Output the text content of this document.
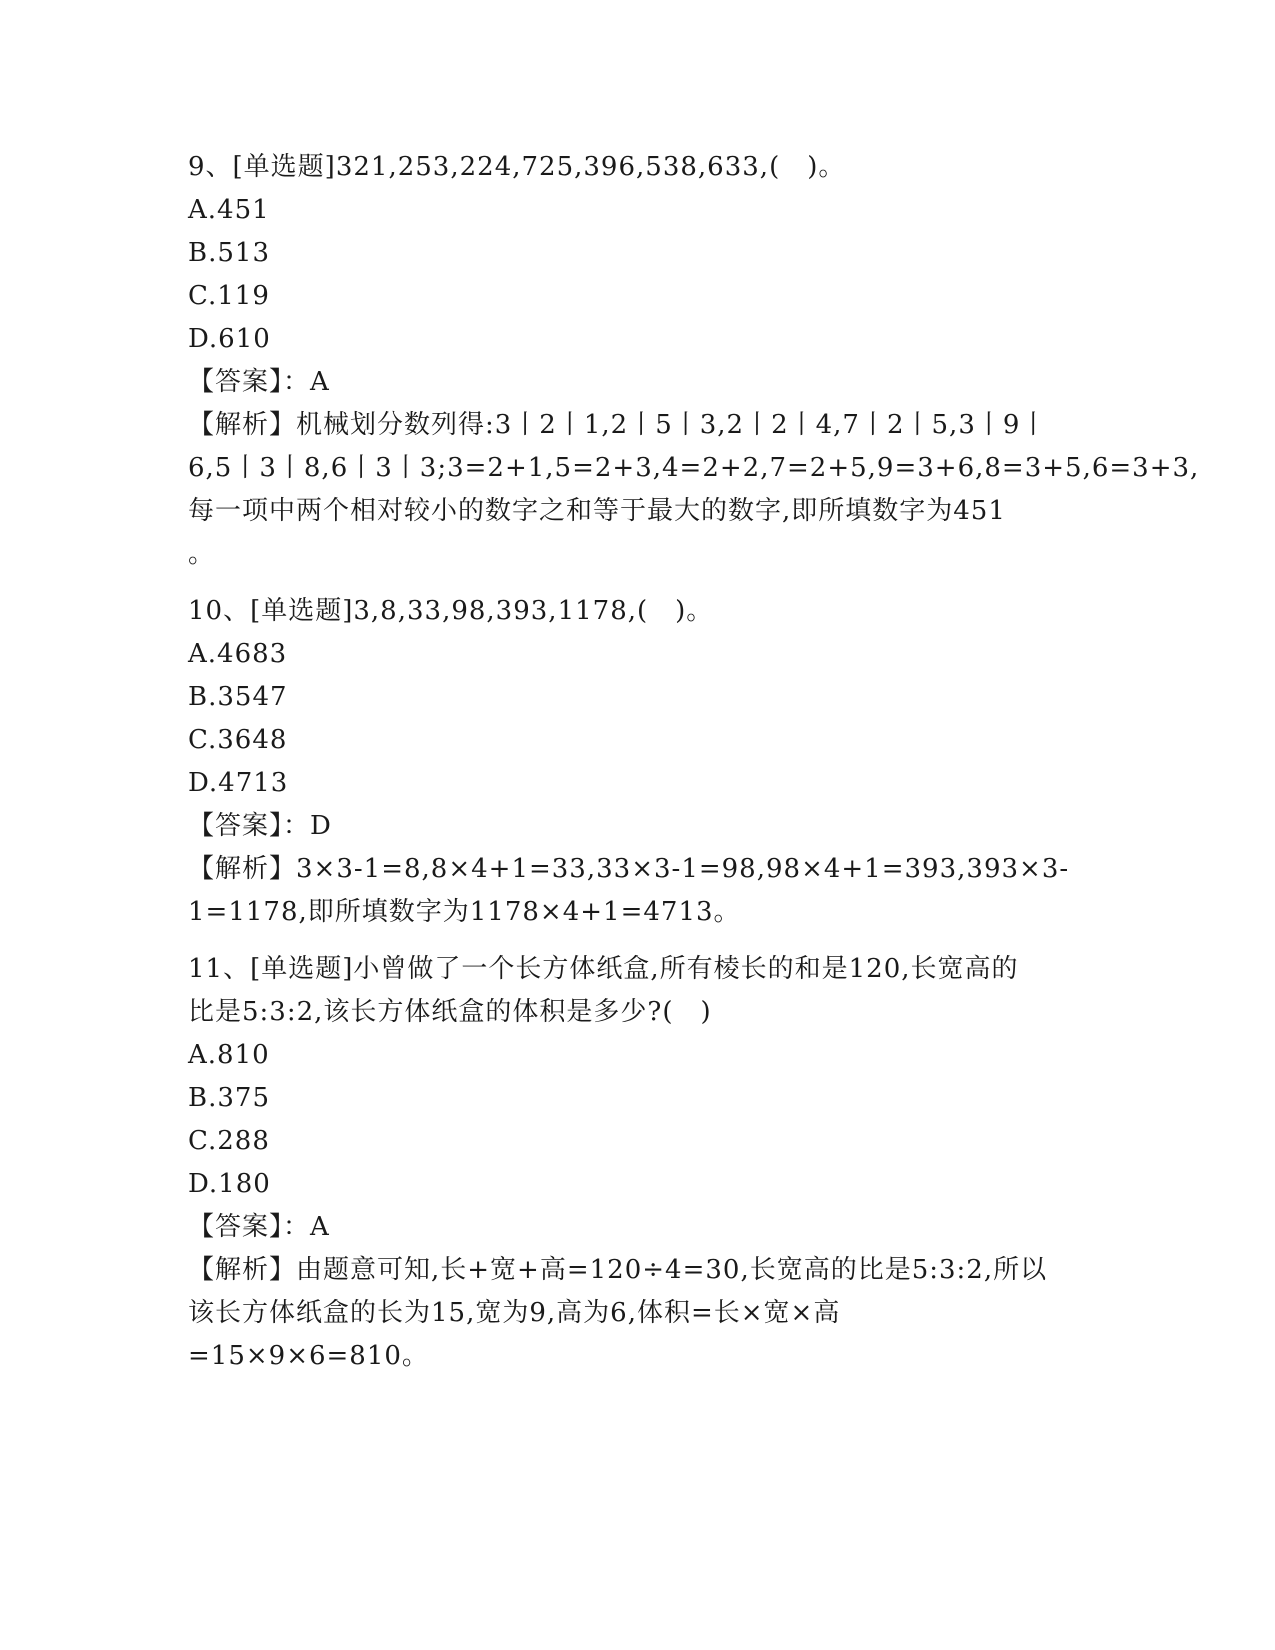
9、[单选题]321,253,224,725,396,538,633,(　)。
A.451
B.513
C.119
D.610
【答案】：A
【解析】机械划分数列得:3丨2丨1,2丨5丨3,2丨2丨4,7丨2丨5,3丨9丨
6,5丨3丨8,6丨3丨3;3=2+1,5=2+3,4=2+2,7=2+5,9=3+6,8=3+5,6=3+3,
每一项中两个相对较小的数字之和等于最大的数字,即所填数字为451
。
10、[单选题]3,8,33,98,393,1178,(　)。
A.4683
B.3547
C.3648
D.4713
【答案】：D
【解析】3×3-1=8,8×4+1=33,33×3-1=98,98×4+1=393,393×3-
1=1178,即所填数字为1178×4+1=4713。
11、[单选题]小曾做了一个长方体纸盒,所有棱长的和是120,长宽高的
比是5:3:2,该长方体纸盒的体积是多少?(　)
A.810
B.375
C.288
D.180
【答案】：A
【解析】由题意可知,长+宽+高=120÷4=30,长宽高的比是5:3:2,所以
该长方体纸盒的长为15,宽为9,高为6,体积=长×宽×高
=15×9×6=810。
